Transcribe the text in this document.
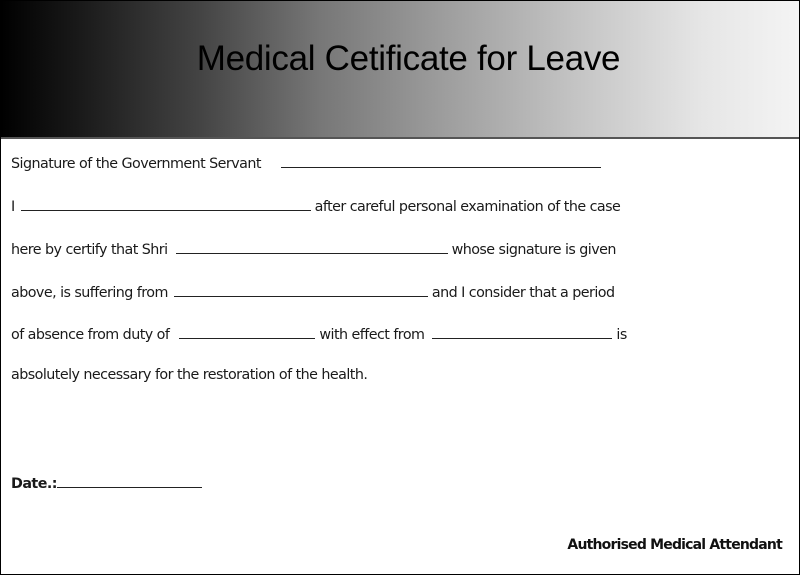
Medical Cetificate for Leave
Signature of the Government Servant
I	after careful personal examination of the case
here by certify that Shri	whose signature is given
above, is suffering from	and I consider that a period
of absence from duty of	with effect from	is
absolutely necessary for the restoration of the health.
Date.:
Authorised Medical Attendant
